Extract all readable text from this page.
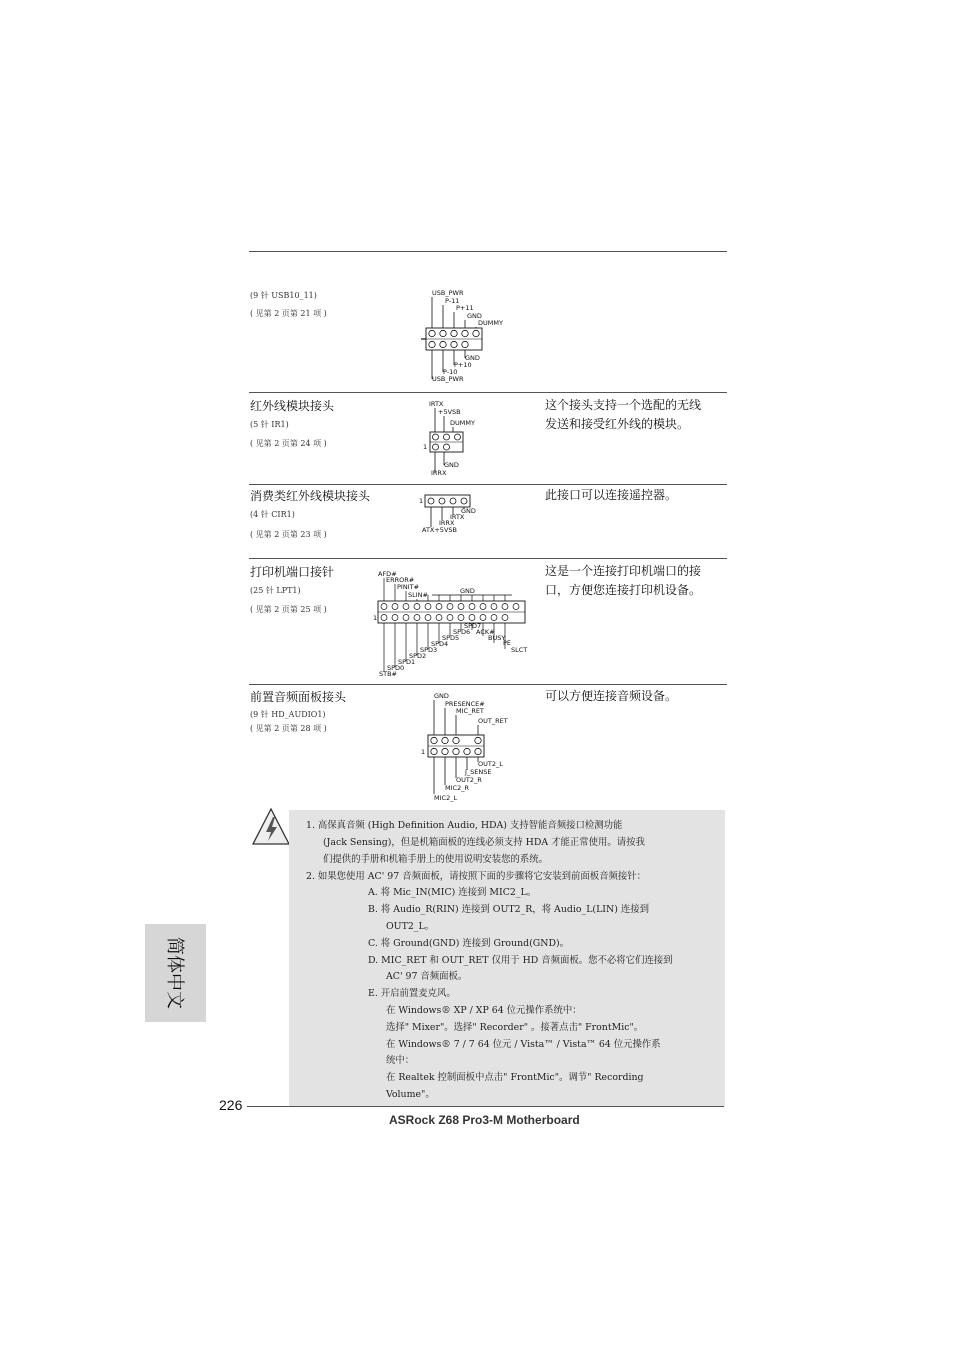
(9 针 USB10_11)
( 见第 2 页第 21 项 )
USB_PWR
P-11
P+11
GND
DUMMY
GND
P+10
P-10
USB_PWR
红外线模块接头
(5 针 IR1)
( 见第 2 页第 24 项 )
IRTX
+5VSB
DUMMY
1
GND
IRRX
这个接头支持一个选配的无线发送和接受红外线的模块。
消费类红外线模块接头
(4 针 CIR1)
( 见第 2 页第 23 项 )
1
GND
IRTX
IRRX
ATX+5VSB
此接口可以连接遥控器。
打印机端口接针
(25 针 LPT1)
( 见第 2 页第 25 项 )
AFD#
ERROR#
PINIT#
SLIN#	GND
1
SPD7
SPD6
SPD5
SPD4
SPD3
SPD2
SPD1
SPD0
STB#
ACK#
BUSY
PE
SLCT
这是一个连接打印机端口的接口，方便您连接打印机设备。
前置音频面板接头
(9 针 HD_AUDIO1)
( 见第 2 页第 28 项 )
GND
PRESENCE#
MIC_RET
OUT_RET
1
OUT2_L
J_SENSE
OUT2_R
MIC2_R
MIC2_L
可以方便连接音频设备。
1. 高保真音频 (High Definition Audio, HDA) 支持智能音频接口检测功能
(Jack Sensing)，但是机箱面板的连线必须支持 HDA 才能正常使用。请按我
们提供的手册和机箱手册上的使用说明安装您的系统。
2. 如果您使用 AC' 97 音频面板，请按照下面的步骤将它安装到前面板音频接针：
A. 将 Mic_IN(MIC) 连接到 MIC2_L。
B. 将 Audio_R(RIN) 连接到 OUT2_R，将 Audio_L(LIN) 连接到
OUT2_L。
C. 将 Ground(GND) 连接到 Ground(GND)。
D. MIC_RET 和 OUT_RET 仅用于 HD 音频面板。您不必将它们连接到
AC' 97 音频面板。
E. 开启前置麦克风。
在 Windows® XP / XP 64 位元操作系统中：
选择" Mixer"。选择" Recorder" 。接著点击" FrontMic"。
在 Windows® 7 / 7 64 位元 / Vista™ / Vista™ 64 位元操作系
统中：
在 Realtek 控制面板中点击" FrontMic"。调节" Recording
Volume"。
简体中文
226
ASRock Z68 Pro3-M Motherboard
